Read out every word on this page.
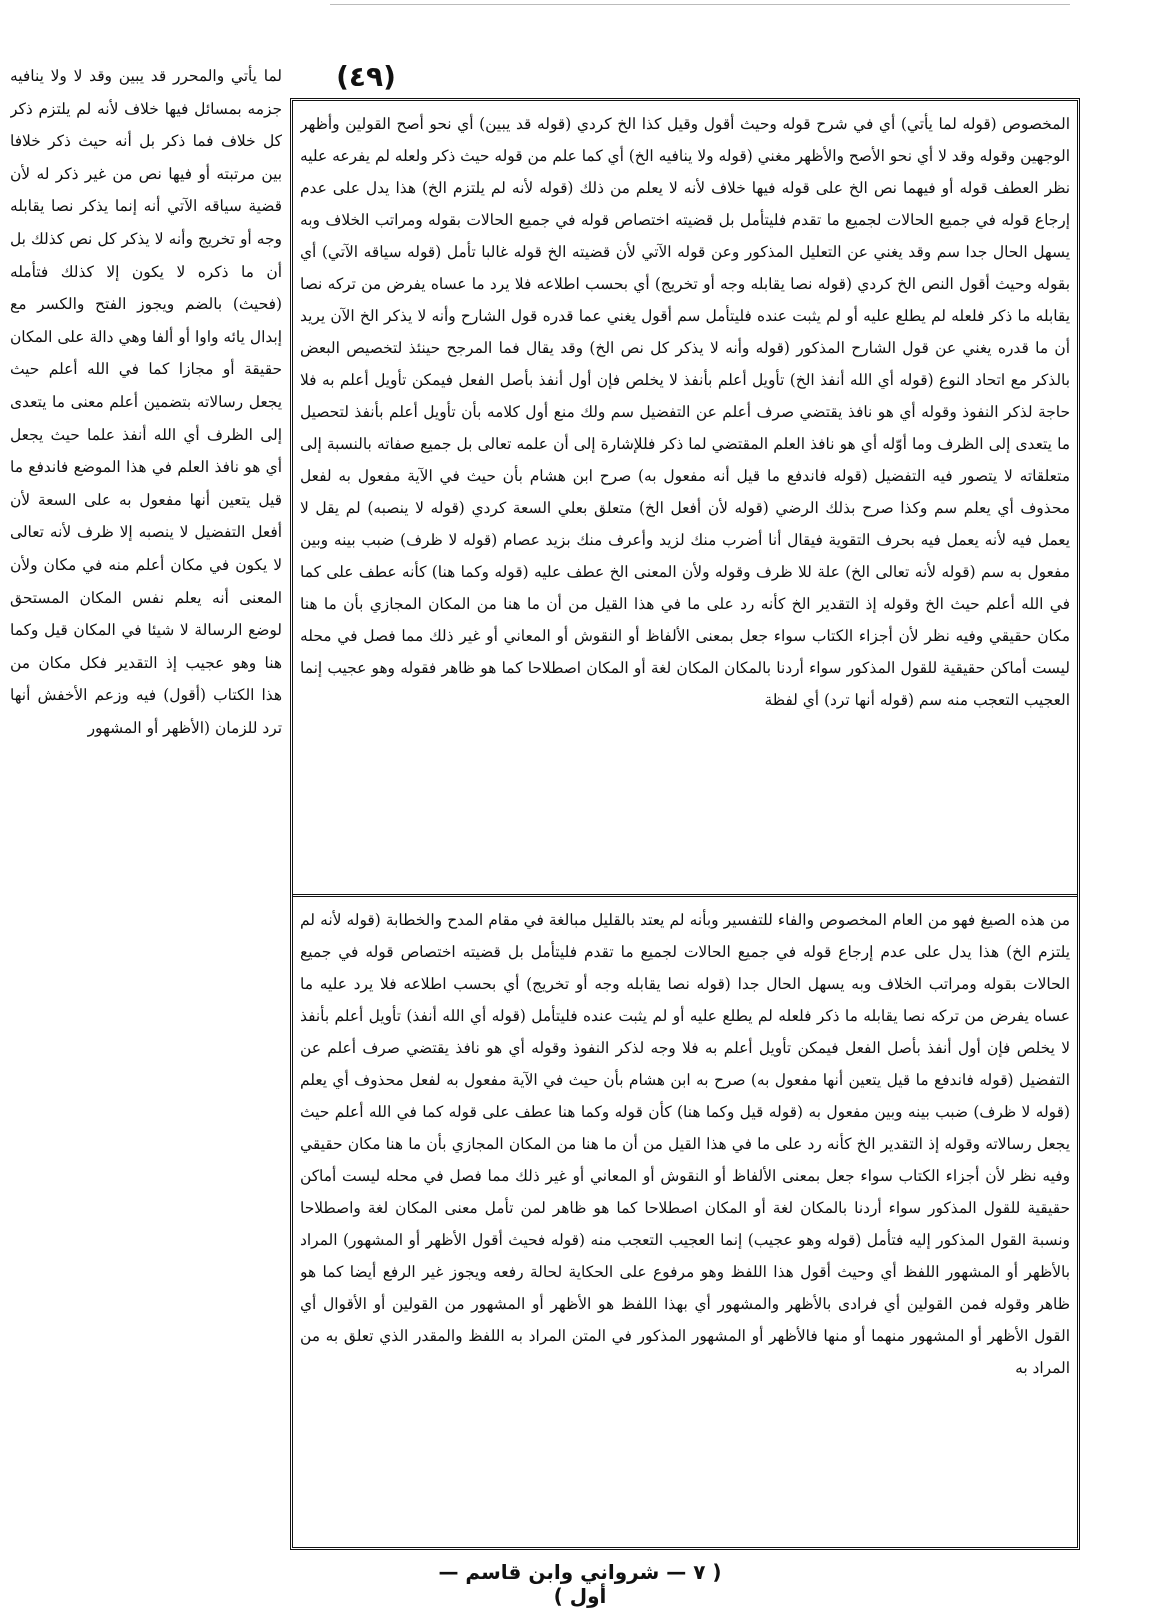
(٤٩)
لما يأتي والمحرر قد يبين وقد لا ولا ينافيه جزمه بمسائل فيها خلاف لأنه لم يلتزم ذكر كل خلاف فما ذكر بل أنه حيث ذكر خلافا بين مرتبته أو فيها نص من غير ذكر له لأن قضية سياقه الآتي أنه إنما يذكر نصا يقابله وجه أو تخريج وأنه لا يذكر كل نص كذلك بل أن ما ذكره لا يكون إلا كذلك فتأمله (فحيث) بالضم ويجوز الفتح والكسر مع إبدال يائه واوا أو ألفا وهي دالة على المكان حقيقة أو مجازا كما في الله أعلم حيث يجعل رسالاته بتضمين أعلم معنى ما يتعدى إلى الظرف أي الله أنفذ علما حيث يجعل أي هو نافذ العلم في هذا الموضع فاندفع ما قيل يتعين أنها مفعول به على السعة لأن أفعل التفضيل لا ينصبه إلا ظرف لأنه تعالى لا يكون في مكان أعلم منه في مكان ولأن المعنى أنه يعلم نفس المكان المستحق لوضع الرسالة لا شيئا في المكان قيل وكما هنا وهو عجيب إذ التقدير فكل مكان من هذا الكتاب (أقول) فيه وزعم الأخفش أنها ترد للزمان (الأظهر أو المشهور
المخصوص (قوله لما يأتي) أي في شرح قوله وحيث أقول وقيل كذا الخ كردي (قوله قد يبين) أي نحو أصح القولين وأظهر الوجهين وقوله وقد لا أي نحو الأصح والأظهر مغني (قوله ولا ينافيه الخ) أي كما علم من قوله حيث ذكر ولعله لم يفرعه عليه نظر العطف قوله أو فيهما نص الخ على قوله فيها خلاف لأنه لا يعلم من ذلك (قوله لأنه لم يلتزم الخ) هذا يدل على عدم إرجاع قوله في جميع الحالات لجميع ما تقدم فليتأمل بل قضيته اختصاص قوله في جميع الحالات بقوله ومراتب الخلاف وبه يسهل الحال جدا سم وقد يغني عن التعليل المذكور وعن قوله الآتي لأن قضيته الخ قوله غالبا تأمل (قوله سياقه الآتي) أي بقوله وحيث أقول النص الخ كردي (قوله نصا يقابله وجه أو تخريج) أي بحسب اطلاعه فلا يرد ما عساه يفرض من تركه نصا يقابله ما ذكر فلعله لم يطلع عليه أو لم يثبت عنده فليتأمل سم أقول يغني عما قدره قول الشارح وأنه لا يذكر الخ الآن يريد أن ما قدره يغني عن قول الشارح المذكور (قوله وأنه لا يذكر كل نص الخ) وقد يقال فما المرجح حينئذ لتخصيص البعض بالذكر مع اتحاد النوع (قوله أي الله أنفذ الخ) تأويل أعلم بأنفذ لا يخلص فإن أول أنفذ بأصل الفعل فيمكن تأويل أعلم به فلا حاجة لذكر النفوذ وقوله أي هو نافذ يقتضي صرف أعلم عن التفضيل سم ولك منع أول كلامه بأن تأويل أعلم بأنفذ لتحصيل ما يتعدى إلى الظرف وما أوّله أي هو نافذ العلم المقتضي لما ذكر فللإشارة إلى أن علمه تعالى بل جميع صفاته بالنسبة إلى متعلقاته لا يتصور فيه التفضيل (قوله فاندفع ما قيل أنه مفعول به) صرح ابن هشام بأن حيث في الآية مفعول به لفعل محذوف أي يعلم سم وكذا صرح بذلك الرضي (قوله لأن أفعل الخ) متعلق بعلي السعة كردي (قوله لا ينصبه) لم يقل لا يعمل فيه لأنه يعمل فيه بحرف التقوية فيقال أنا أضرب منك لزيد وأعرف منك بزيد عصام (قوله لا ظرف) ضبب بينه وبين مفعول به سم (قوله لأنه تعالى الخ) علة للا ظرف وقوله ولأن المعنى الخ عطف عليه (قوله وكما هنا) كأنه عطف على كما في الله أعلم حيث الخ وقوله إذ التقدير الخ كأنه رد على ما في هذا القيل من أن ما هنا من المكان المجازي بأن ما هنا مكان حقيقي وفيه نظر لأن أجزاء الكتاب سواء جعل بمعنى الألفاظ أو النقوش أو المعاني أو غير ذلك مما فصل في محله ليست أماكن حقيقية للقول المذكور سواء أردنا بالمكان المكان لغة أو المكان اصطلاحا كما هو ظاهر فقوله وهو عجيب إنما العجيب التعجب منه سم (قوله أنها ترد) أي لفظة
من هذه الصيغ فهو من العام المخصوص والفاء للتفسير وبأنه لم يعتد بالقليل مبالغة في مقام المدح والخطابة (قوله لأنه لم يلتزم الخ) هذا يدل على عدم إرجاع قوله في جميع الحالات لجميع ما تقدم فليتأمل بل قضيته اختصاص قوله في جميع الحالات بقوله ومراتب الخلاف وبه يسهل الحال جدا (قوله نصا يقابله وجه أو تخريج) أي بحسب اطلاعه فلا يرد عليه ما عساه يفرض من تركه نصا يقابله ما ذكر فلعله لم يطلع عليه أو لم يثبت عنده فليتأمل (قوله أي الله أنفذ) تأويل أعلم بأنفذ لا يخلص فإن أول أنفذ بأصل الفعل فيمكن تأويل أعلم به فلا وجه لذكر النفوذ وقوله أي هو نافذ يقتضي صرف أعلم عن التفضيل (قوله فاندفع ما قيل يتعين أنها مفعول به) صرح به ابن هشام بأن حيث في الآية مفعول به لفعل محذوف أي يعلم (قوله لا ظرف) ضبب بينه وبين مفعول به (قوله قيل وكما هنا) كأن قوله وكما هنا عطف على قوله كما في الله أعلم حيث يجعل رسالاته وقوله إذ التقدير الخ كأنه رد على ما في هذا القيل من أن ما هنا من المكان المجازي بأن ما هنا مكان حقيقي وفيه نظر لأن أجزاء الكتاب سواء جعل بمعنى الألفاظ أو النقوش أو المعاني أو غير ذلك مما فصل في محله ليست أماكن حقيقية للقول المذكور سواء أردنا بالمكان لغة أو المكان اصطلاحا كما هو ظاهر لمن تأمل معنى المكان لغة واصطلاحا ونسبة القول المذكور إليه فتأمل (قوله وهو عجيب) إنما العجيب التعجب منه (قوله فحيث أقول الأظهر أو المشهور) المراد بالأظهر أو المشهور اللفظ أي وحيث أقول هذا اللفظ وهو مرفوع على الحكاية لحالة رفعه ويجوز غير الرفع أيضا كما هو ظاهر وقوله فمن القولين أي فرادى بالأظهر والمشهور أي بهذا اللفظ هو الأظهر أو المشهور من القولين أو الأقوال أي القول الأظهر أو المشهور منهما أو منها فالأظهر أو المشهور المذكور في المتن المراد به اللفظ والمقدر الذي تعلق به من المراد به
( ٧ — شرواني وابن قاسم — أول )
